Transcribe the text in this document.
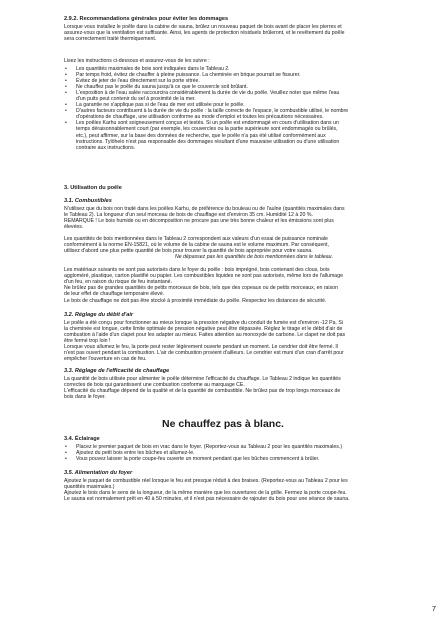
2.9.2. Recommandations générales pour éviter les dommages
Lorsque vous installez le poêle dans la cabine de sauna, brûlez un nouveau paquet de bois avant de placer les pierres et
assurez-vous que la ventilation est suffisante. Ainsi, les agents de protection résiduels brûleront, et le revêtement du poêle
sera correctement traité thermiquement.
Lisez les instructions ci-dessous et assurez-vous de les suivre :
• Les quantités maximales de bois sont indiquées dans le Tableau 2.
• Par temps froid, évitez de chauffer à pleine puissance. La cheminée en brique pourrait se fissurer.
• Évitez de jeter de l'eau directement sur la porte vitrée.
• Ne chauffez pas le poêle du sauna jusqu'à ce que le couvercle soit brûlant.
• L'exposition à de l'eau salée raccourcira considérablement la durée de vie du poêle. Veuillez noter que même l'eau
d'un puits peut contenir du sel à proximité de la mer.
• La garantie ne s'applique pas si de l'eau de mer est utilisée pour le poêle.
• D'autres facteurs contribuent à la durée de vie du poêle : la taille correcte de l'espace, le combustible utilisé, le nombre
d'opérations de chauffage, une utilisation conforme au mode d'emploi et toutes les précautions nécessaires.
• Les poêles Karhu sont soigneusement conçus et testés. Si un poêle est endommagé en cours d'utilisation dans un
temps déraisonnablement court (par exemple, les couvercles ou la partie supérieure sont endommagés ou brûlés,
etc.), peut affirmer, sur la base des données de recherche, que le poêle n'a pas été utilisé conformément aux
instructions. Tylöhelo n'est pas responsable des dommages résultant d'une mauvaise utilisation ou d'une utilisation
contraire aux instructions.
3. Utilisation du poêle
3.1. Combustibles
N'utilisez que du bois non traité dans les poêles Karhu, de préférence du bouleau ou de l'aulne (quantités maximales dans
le Tableau 2). La longueur d'un seul morceau de bois de chauffage est d'environ 35 cm. Humidité 12 à 20 %.
REMARQUE ! Le bois humide ou en décomposition ne procure pas une très bonne chaleur et les émissions sont plus
élevées.
Les quantités de bois mentionnées dans le Tableau 2 correspondent aux valeurs d'un essai de puissance nominale
conformément à la norme EN-15821, où le volume de la cabine de sauna est le volume maximum. Par conséquent,
utilisez d'abord une plus petite quantité de bois pour trouver la quantité de bois appropriée pour votre sauna.
Ne dépassez pas les quantités de bois mentionnées dans le tableau.
Les matériaux suivants ne sont pas autorisés dans le foyer du poêle : bois imprégné, bois contenant des clous, bois
aggloméré, plastique, carton plastifié ou papier. Les combustibles liquides ne sont pas autorisés, même lors de l'allumage
d'un feu, en raison du risque de feu instantané.
Ne brûlez pas de grandes quantités de petits morceaux de bois, tels que des copeaux ou de petits morceaux, en raison
de leur effet de chauffage temporaire élevé.
Le bois de chauffage ne doit pas être stocké à proximité immédiate du poêle. Respectez les distances de sécurité.
3.2. Réglage du débit d'air
Le poêle a été conçu pour fonctionner au mieux lorsque la pression négative du conduit de fumée est d'environ -12 Pa. Si
la cheminée est longue, cette limite optimale de pression négative peut être dépassée. Réglez le tirage et le débit d'air de
combustion à l'aide d'un clapet pour les adapter au mieux. Faites attention au monoxyde de carbone. Le clapet ne doit pas
être fermé trop loin !
Lorsque vous allumez le feu, la porte peut rester légèrement ouverte pendant un moment. Le cendrier doit être fermé. Il
n'est pas ouvert pendant la combustion. L'air de combustion provient d'ailleurs. Le cendrier est muni d'un cran d'arrêt pour
empêcher l'ouverture en cas de feu.
3.3. Réglage de l'efficacité de chauffage
La quantité de bois utilisée pour alimenter le poêle détermine l'efficacité du chauffage. Le Tableau 2 indique les quantités
correctes de bois qui garantissent une combustion conforme au marquage CE.
L'efficacité du chauffage dépend de la qualité et de la quantité de combustible. Ne brûlez pas de trop longs morceaux de
bois dans le foyer.
Ne chauffez pas à blanc.
3.4. Éclairage
• Placez le premier paquet de bois en vrac dans le foyer. (Reportez-vous au Tableau 2 pour les quantités maximales.)
• Ajoutez du petit bois entre les bûches et allumez-le.
• Vous pouvez laisser la porte coupe-feu ouverte un moment pendant que les bûches commencent à brûler.
3.5. Alimentation du foyer
Ajoutez le paquet de combustible réel lorsque le feu est presque réduit à des braises. (Reportez-vous au Tableau 2 pour les
quantités maximales.)
Ajoutez le bois dans le sens de la longueur, de la même manière que les ouvertures de la grille. Fermez la porte coupe-feu.
Le sauna est normalement prêt en 40 à 50 minutes, et il n'est pas nécessaire de rajouter du bois pour une séance de sauna.
7
